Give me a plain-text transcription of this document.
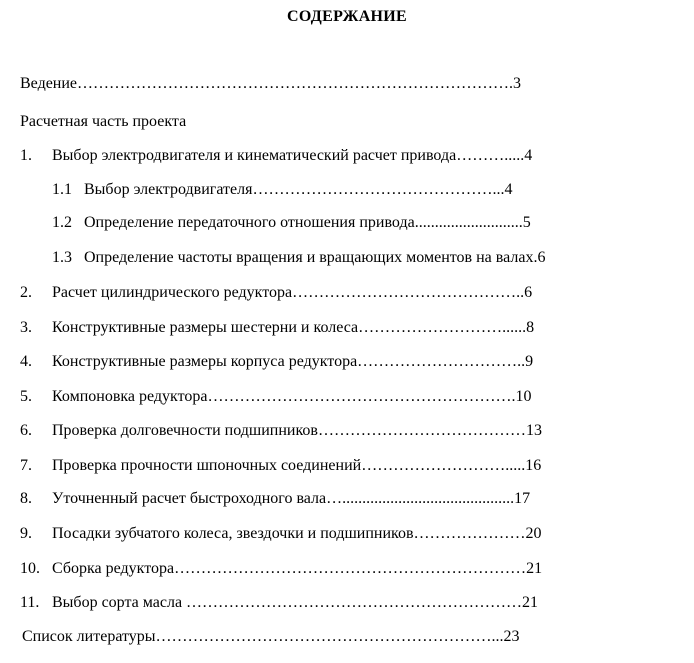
СОДЕРЖАНИЕ
Ведение……………………………………………………………………….3
Расчетная часть проекта
1. Выбор электродвигателя и кинематический расчет привода……….....4
1.1 Выбор электродвигателя………………………………………...4
1.2 Определение передаточного отношения привода...........................5
1.3 Определение частоты вращения и вращающих моментов на валах.6
2. Расчет цилиндрического редуктора……………………………………..6
3. Конструктивные размеры шестерни и колеса………………………......8
4. Конструктивные размеры корпуса редуктора…………………………..9
5. Компоновка редуктора………………………………………………….10
6. Проверка долговечности подшипников…………………………………13
7. Проверка прочности шпоночных соединений……………………….....16
8. Уточненный расчет быстроходного вала…...........................................17
9. Посадки зубчатого колеса, звездочки и подшипников…………………20
10. Сборка редуктора…………………………………………………………21
11. Выбор сорта масла ………………………………………………………21
Список литературы………………………………………………………...23
